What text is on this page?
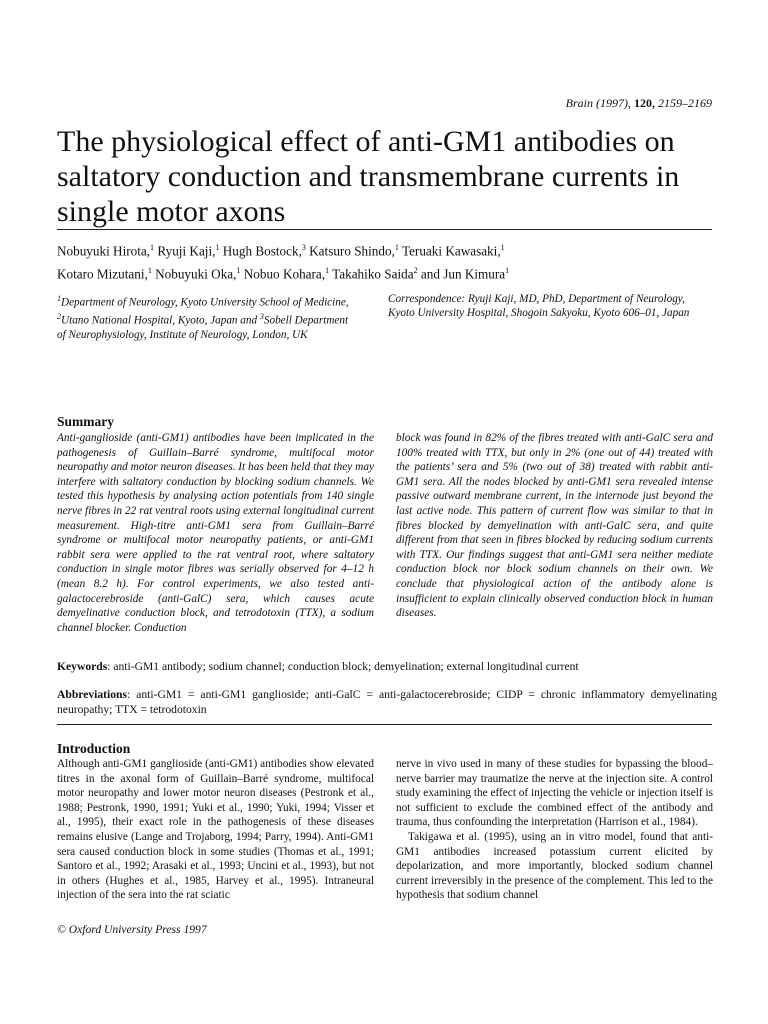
Brain (1997), 120, 2159–2169
The physiological effect of anti-GM1 antibodies on saltatory conduction and transmembrane currents in single motor axons

Nobuyuki Hirota,$^1$ Ryuji Kaji,$^1$ Hugh Bostock,$^3$ Katsuro Shindo,$^1$ Teruaki Kawasaki,$^1$
Kotaro Mizutani,$^1$ Nobuyuki Oka,$^1$ Nobuo Kohara,$^1$ Takahiko Saida$^2$ and Jun Kimura$^1$

$^1$Department of Neurology, Kyoto University School of Medicine, $^2$Utano National Hospital, Kyoto, Japan and $^3$Sobell Department of Neurophysiology, Institute of Neurology, London, UK

Correspondence: Ryuji Kaji, MD, PhD, Department of Neurology, Kyoto University Hospital, Shogoin Sakyoku, Kyoto 606–01, Japan

Summary

Anti-ganglioside (anti-GM1) antibodies have been implicated in the pathogenesis of Guillain–Barré syndrome, multifocal motor neuropathy and motor neuron diseases. It has been held that they may interfere with saltatory conduction by blocking sodium channels. We tested this hypothesis by analysing action potentials from 140 single nerve fibres in 22 rat ventral roots using external longitudinal current measurement. High-titre anti-GM1 sera from Guillain–Barré syndrome or multifocal motor neuropathy patients, or anti-GM1 rabbit sera were applied to the rat ventral root, where saltatory conduction in single motor fibres was serially observed for 4–12 h (mean 8.2 h). For control experiments, we also tested anti-galactocerebroside (anti-GalC) sera, which causes acute demyelinative conduction block, and tetrodotoxin (TTX), a sodium channel blocker. Conduction

block was found in 82% of the fibres treated with anti-GalC sera and 100% treated with TTX, but only in 2% (one out of 44) treated with the patients’ sera and 5% (two out of 38) treated with rabbit anti-GM1 sera. All the nodes blocked by anti-GM1 sera revealed intense passive outward membrane current, in the internode just beyond the last active node. This pattern of current flow was similar to that in fibres blocked by demyelination with anti-GalC sera, and quite different from that seen in fibres blocked by reducing sodium currents with TTX. Our findings suggest that anti-GM1 sera neither mediate conduction block nor block sodium channels on their own. We conclude that physiological action of the antibody alone is insufficient to explain clinically observed conduction block in human diseases.

Keywords: anti-GM1 antibody; sodium channel; conduction block; demyelination; external longitudinal current

Abbreviations: anti-GM1 = anti-GM1 ganglioside; anti-GalC = anti-galactocerebroside; CIDP = chronic inflammatory demyelinating neuropathy; TTX = tetrodotoxin

Introduction

Although anti-GM1 ganglioside (anti-GM1) antibodies show elevated titres in the axonal form of Guillain–Barré syndrome, multifocal motor neuropathy and lower motor neuron diseases (Pestronk et al., 1988; Pestronk, 1990, 1991; Yuki et al., 1990; Yuki, 1994; Visser et al., 1995), their exact role in the pathogenesis of these diseases remains elusive (Lange and Trojaborg, 1994; Parry, 1994). Anti-GM1 sera caused conduction block in some studies (Thomas et al., 1991; Santoro et al., 1992; Arasaki et al., 1993; Uncini et al., 1993), but not in others (Hughes et al., 1985, Harvey et al., 1995). Intraneural injection of the sera into the rat sciatic

nerve in vivo used in many of these studies for bypassing the blood–nerve barrier may traumatize the nerve at the injection site. A control study examining the effect of injecting the vehicle or injection itself is not sufficient to exclude the combined effect of the antibody and trauma, thus confounding the interpretation (Harrison et al., 1984).

Takigawa et al. (1995), using an in vitro model, found that anti-GM1 antibodies increased potassium current elicited by depolarization, and more importantly, blocked sodium channel current irreversibly in the presence of the complement. This led to the hypothesis that sodium channel

© Oxford University Press 1997
